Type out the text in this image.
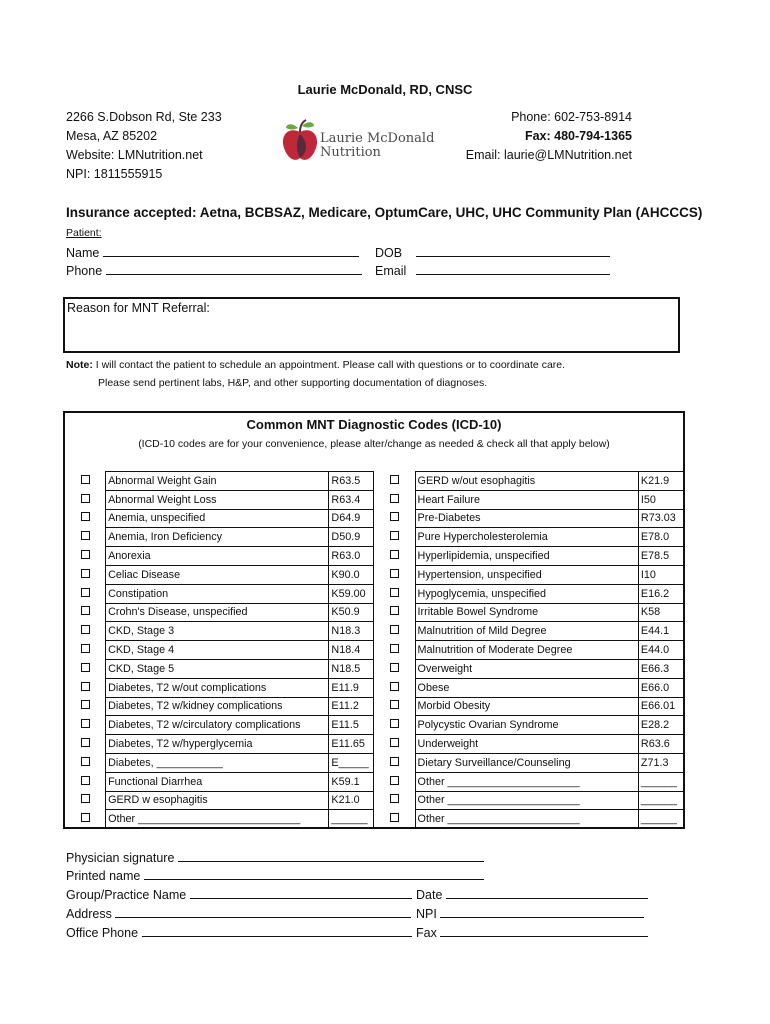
Laurie McDonald, RD, CNSC
2266 S.Dobson Rd, Ste 233
Mesa, AZ 85202
Website: LMNutrition.net
NPI: 1811555915
Laurie McDonald
Nutrition
Phone: 602-753-8914
Fax: 480-794-1365
Email: laurie@LMNutrition.net
Insurance accepted: Aetna, BCBSAZ, Medicare, OptumCare, UHC, UHC Community Plan (AHCCCS)
Patient:
Name
Phone
DOB
Email
Reason for MNT Referral:
Note: I will contact the patient to schedule an appointment. Please call with questions or to coordinate care.
Please send pertinent labs, H&P, and other supporting documentation of diagnoses.
Common MNT Diagnostic Codes (ICD-10)
(ICD-10 codes are for your convenience, please alter/change as needed & check all that apply below)
	Abnormal Weight Gain	R63.5		GERD w/out esophagitis	K21.9
	Abnormal Weight Loss	R63.4		Heart Failure	I50
	Anemia, unspecified	D64.9		Pre-Diabetes	R73.03
	Anemia, Iron Deficiency	D50.9		Pure Hypercholesterolemia	E78.0
	Anorexia	R63.0		Hyperlipidemia, unspecified	E78.5
	Celiac Disease	K90.0		Hypertension, unspecified	I10
	Constipation	K59.00		Hypoglycemia, unspecified	E16.2
	Crohn's Disease, unspecified	K50.9		Irritable Bowel Syndrome	K58
	CKD, Stage 3	N18.3		Malnutrition of Mild Degree	E44.1
	CKD, Stage 4	N18.4		Malnutrition of Moderate Degree	E44.0
	CKD, Stage 5	N18.5		Overweight	E66.3
	Diabetes, T2 w/out complications	E11.9		Obese	E66.0
	Diabetes, T2 w/kidney complications	E11.2		Morbid Obesity	E66.01
	Diabetes, T2 w/circulatory complications	E11.5		Polycystic Ovarian Syndrome	E28.2
	Diabetes, T2 w/hyperglycemia	E11.65		Underweight	R63.6
	Diabetes, ___________	E_____		Dietary Surveillance/Counseling	Z71.3
	Functional Diarrhea	K59.1		Other ______________________	______
	GERD w esophagitis	K21.0		Other ______________________	______
	Other ___________________________	______		Other ______________________	______
Physician signature
Printed name
Group/Practice Name
Address
Office Phone
Date
NPI
Fax
